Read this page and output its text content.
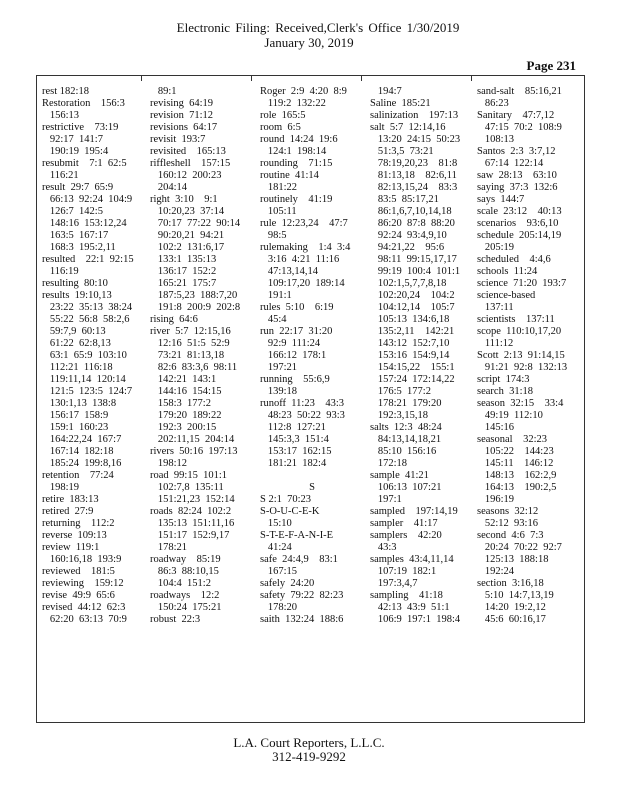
Electronic Filing: Received,Clerk's Office 1/30/2019
January 30, 2019
Page 231
rest 182:18
Restoration    156:3
156:13
restrictive    73:19
92:17  141:7
190:19  195:4
resubmit    7:1  62:5
116:21
result  29:7  65:9
66:13  92:24  104:9
126:7  142:5
148:16  153:12,24
163:5  167:17
168:3  195:2,11
resulted    22:1  92:15
116:19
resulting  80:10
results  19:10,13
23:22  35:13  38:24
55:22  56:8  58:2,6
59:7,9  60:13
61:22  62:8,13
63:1  65:9  103:10
112:21  116:18
119:11,14  120:14
121:5  123:5  124:7
130:1,13  138:8
156:17  158:9
159:1  160:23
164:22,24  167:7
167:14  182:18
185:24  199:8,16
retention    77:24
198:19
retire  183:13
retired  27:9
returning    112:2
reverse  109:13
review  119:1
160:16,18  193:9
reviewed    181:5
reviewing    159:12
revise  49:9  65:6
revised  44:12  62:3
62:20  63:13  70:9
89:1
revising  64:19
revision  71:12
revisions  64:17
revisit  193:7
revisited    165:13
riffleshell    157:15
160:12  200:23
204:14
right  3:10    9:1
10:20,23  37:14
70:17  77:22  90:14
90:20,21  94:21
102:2  131:6,17
133:1  135:13
136:17  152:2
165:21  175:7
187:5,23  188:7,20
191:8  200:9  202:8
rising  64:6
river  5:7  12:15,16
12:16  51:5  52:9
73:21  81:13,18
82:6  83:3,6  98:11
142:21  143:1
144:16  154:15
158:3  177:2
179:20  189:22
192:3  200:15
202:11,15  204:14
rivers  50:16  197:13
198:12
road  99:15  101:1
102:7,8  135:11
151:21,23  152:14
roads  82:24  102:2
135:13  151:11,16
151:17  152:9,17
178:21
roadway    85:19
86:3  88:10,15
104:4  151:2
roadways    12:2
150:24  175:21
robust  22:3
Roger  2:9  4:20  8:9
119:2  132:22
role  165:5
room  6:5
round  14:24  19:6
124:1  198:14
rounding    71:15
routine  41:14
181:22
routinely    41:19
105:11
rule  12:23,24    47:7
98:5
rulemaking    1:4  3:4
3:16  4:21  11:16
47:13,14,14
109:17,20  189:14
191:1
rules  5:10    6:19
45:4
run  22:17  31:20
92:9  111:24
166:12  178:1
197:21
running    55:6,9
139:18
runoff  11:23    43:3
48:23  50:22  93:3
112:8  127:21
145:3,3  151:4
153:17  162:15
181:21  182:4
S
S 2:1  70:23
S-O-U-C-E-K
15:10
S-T-E-F-A-N-I-E
41:24
safe  24:4,9    83:1
167:15
safely  24:20
safety  79:22  82:23
178:20
saith  132:24  188:6
194:7
Saline  185:21
salinization    197:13
salt  5:7  12:14,16
13:20  24:15  50:23
51:3,5  73:21
78:19,20,23    81:8
81:13,18    82:6,11
82:13,15,24    83:3
83:5  85:17,21
86:1,6,7,10,14,18
86:20  87:8  88:20
92:24  93:4,9,10
94:21,22    95:6
98:11  99:15,17,17
99:19  100:4  101:1
102:1,5,7,7,8,18
102:20,24    104:2
104:12,14    105:7
105:13  134:6,18
135:2,11    142:21
143:12  152:7,10
153:16  154:9,14
154:15,22    155:1
157:24  172:14,22
176:5  177:2
178:21  179:20
192:3,15,18
salts  12:3  48:24
84:13,14,18,21
85:10  156:16
172:18
sample  41:21
106:13  107:21
197:1
sampled    197:14,19
sampler    41:17
samplers    42:20
43:3
samples  43:4,11,14
107:19  182:1
197:3,4,7
sampling    41:18
42:13  43:9  51:1
106:9  197:1  198:4
sand-salt    85:16,21
86:23
Sanitary    47:7,12
47:15  70:2  108:9
108:13
Santos  2:3  3:7,12
67:14  122:14
saw  28:13    63:10
saying  37:3  132:6
says  144:7
scale  23:12    40:13
scenarios    93:6,10
schedule  205:14,19
205:19
scheduled    4:4,6
schools  11:24
science  71:20  193:7
science-based
137:11
scientists    137:11
scope  110:10,17,20
111:12
Scott  2:13  91:14,15
91:21  92:8  132:13
script  174:3
search  31:18
season  32:15    33:4
49:19  112:10
145:16
seasonal    32:23
105:22    144:23
145:11    146:12
148:13    162:2,9
164:13    190:2,5
196:19
seasons  32:12
52:12  93:16
second  4:6  7:3
20:24  70:22  92:7
125:13  188:18
192:24
section  3:16,18
5:10  14:7,13,19
14:20  19:2,12
45:6  60:16,17
L.A. Court Reporters, L.L.C.
312-419-9292
